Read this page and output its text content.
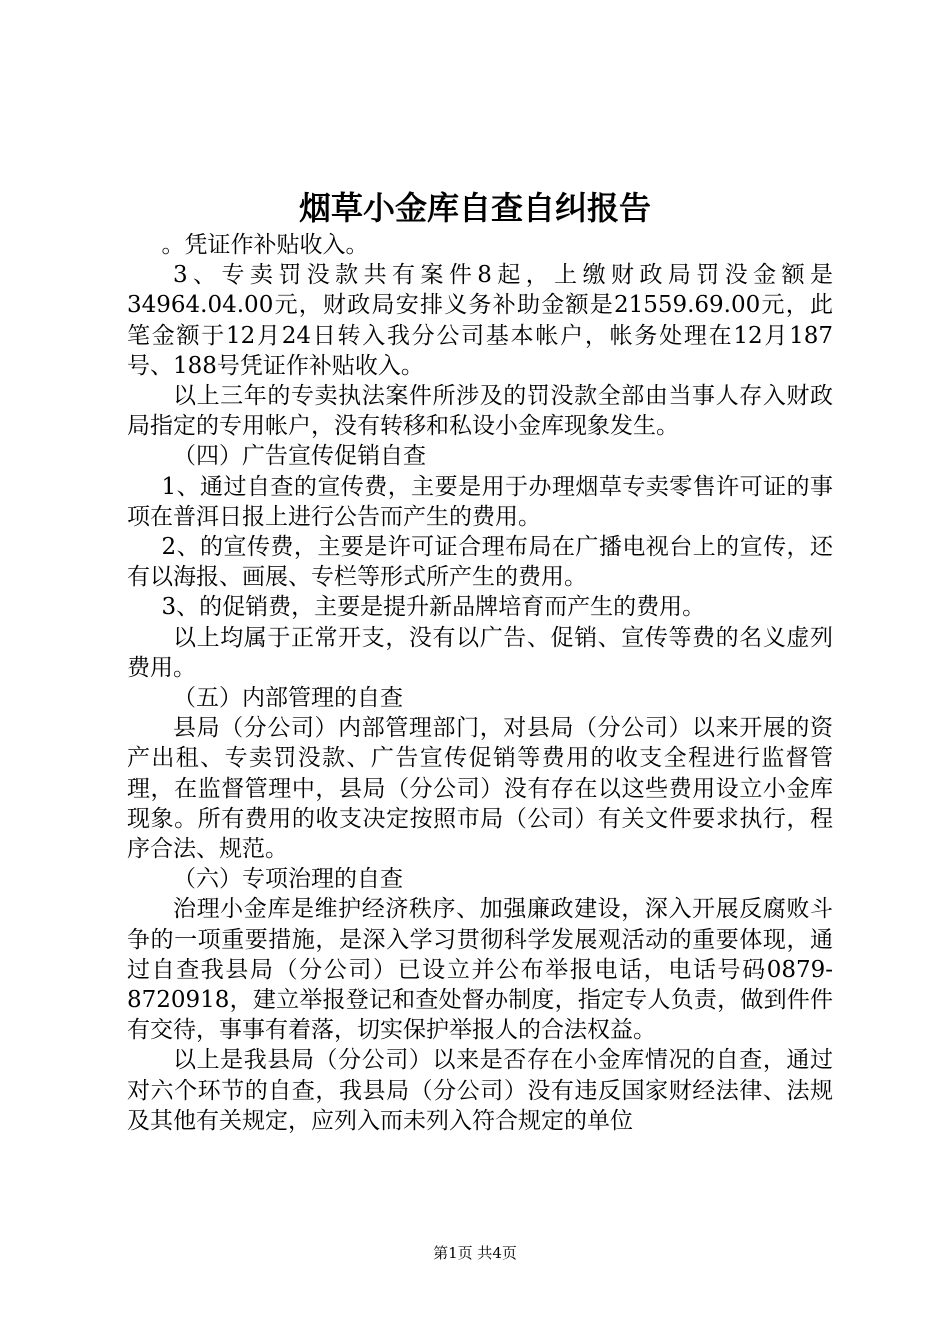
烟草小金库自查自纠报告

。凭证作补贴收入。

3、专卖罚没款共有案件8起，上缴财政局罚没金额是34964.04.00元，财政局安排义务补助金额是21559.69.00元，此笔金额于12月24日转入我分公司基本帐户，帐务处理在12月187号、188号凭证作补贴收入。

以上三年的专卖执法案件所涉及的罚没款全部由当事人存入财政局指定的专用帐户，没有转移和私设小金库现象发生。

（四）广告宣传促销自查

1、通过自查的宣传费，主要是用于办理烟草专卖零售许可证的事项在普洱日报上进行公告而产生的费用。

2、的宣传费，主要是许可证合理布局在广播电视台上的宣传，还有以海报、画展、专栏等形式所产生的费用。

3、的促销费，主要是提升新品牌培育而产生的费用。

以上均属于正常开支，没有以广告、促销、宣传等费的名义虚列费用。

（五）内部管理的自查

县局（分公司）内部管理部门，对县局（分公司）以来开展的资产出租、专卖罚没款、广告宣传促销等费用的收支全程进行监督管理，在监督管理中，县局（分公司）没有存在以这些费用设立小金库现象。所有费用的收支决定按照市局（公司）有关文件要求执行，程序合法、规范。

（六）专项治理的自查

治理小金库是维护经济秩序、加强廉政建设，深入开展反腐败斗争的一项重要措施，是深入学习贯彻科学发展观活动的重要体现，通过自查我县局（分公司）已设立并公布举报电话，电话号码0879-8720918，建立举报登记和查处督办制度，指定专人负责，做到件件有交待，事事有着落，切实保护举报人的合法权益。

以上是我县局（分公司）以来是否存在小金库情况的自查，通过对六个环节的自查，我县局（分公司）没有违反国家财经法律、法规及其他有关规定，应列入而未列入符合规定的单位

第1页 共4页
